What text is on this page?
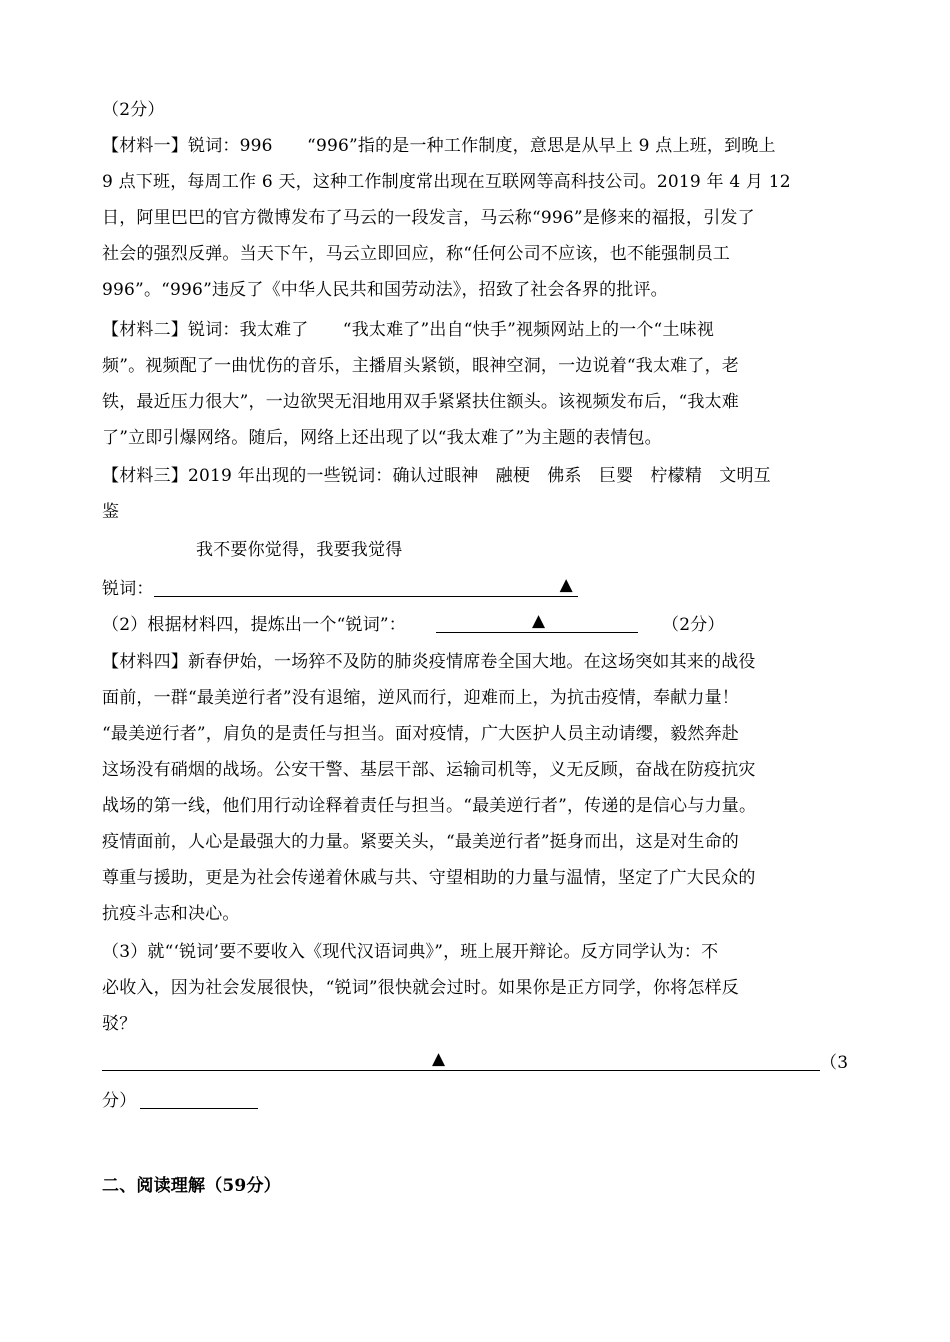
（2分）
【材料一】锐词：996　　“996”指的是一种工作制度，意思是从早上 9 点上班，到晚上
9 点下班，每周工作 6 天，这种工作制度常出现在互联网等高科技公司。2019 年 4 月 12
日，阿里巴巴的官方微博发布了马云的一段发言，马云称“996”是修来的福报，引发了
社会的强烈反弹。当天下午，马云立即回应，称“任何公司不应该，也不能强制员工
996”。“996”违反了《中华人民共和国劳动法》，招致了社会各界的批评。
【材料二】锐词：我太难了　　“我太难了”出自“快手”视频网站上的一个“土味视
频”。视频配了一曲忧伤的音乐，主播眉头紧锁，眼神空洞，一边说着“我太难了，老
铁，最近压力很大”，一边欲哭无泪地用双手紧紧扶住额头。该视频发布后，“我太难
了”立即引爆网络。随后，网络上还出现了以“我太难了”为主题的表情包。
【材料三】2019 年出现的一些锐词：确认过眼神　融梗　佛系　巨婴　柠檬精　文明互
鉴
我不要你觉得，我要我觉得
锐词：	▲
（2）根据材料四，提炼出一个“锐词”：	▲	（2分）
【材料四】新春伊始，一场猝不及防的肺炎疫情席卷全国大地。在这场突如其来的战役
面前，一群“最美逆行者”没有退缩，逆风而行，迎难而上，为抗击疫情，奉献力量！
“最美逆行者”，肩负的是责任与担当。面对疫情，广大医护人员主动请缨，毅然奔赴
这场没有硝烟的战场。公安干警、基层干部、运输司机等，义无反顾，奋战在防疫抗灾
战场的第一线，他们用行动诠释着责任与担当。“最美逆行者”，传递的是信心与力量。
疫情面前，人心是最强大的力量。紧要关头，“最美逆行者”挺身而出，这是对生命的
尊重与援助，更是为社会传递着休戚与共、守望相助的力量与温情，坚定了广大民众的
抗疫斗志和决心。
（3）就“‘锐词’要不要收入《现代汉语词典》”，班上展开辩论。反方同学认为：不
必收入，因为社会发展很快，“锐词”很快就会过时。如果你是正方同学，你将怎样反
驳？
▲	（3
分）
二、阅读理解（59分）
